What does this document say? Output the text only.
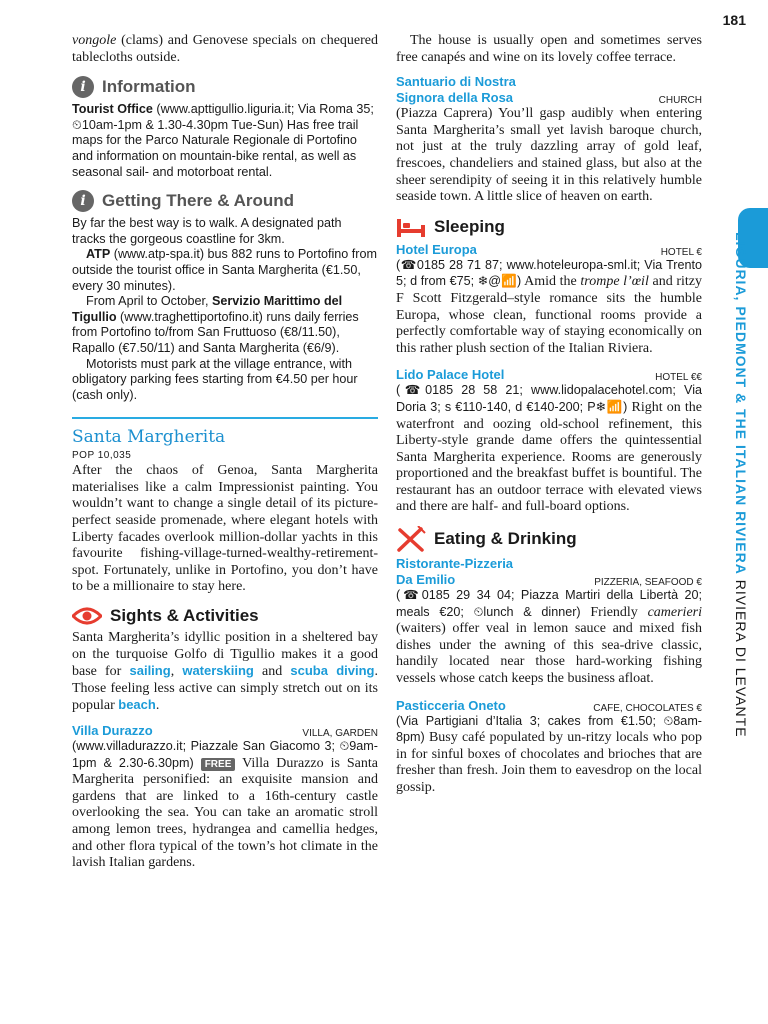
181

vongole (clams) and Genovese specials on chequered tablecloths outside.

i Information

Tourist Office (www.apttigullio.liguria.it; Via Roma 35; ⏲10am-1pm & 1.30-4.30pm Tue-Sun) Has free trail maps for the Parco Naturale Regionale di Portofino and information on mountain-bike rental, as well as seasonal sail- and motorboat rental.

i Getting There & Around

By far the best way is to walk. A designated path tracks the gorgeous coastline for 3km.

ATP (www.atp-spa.it) bus 882 runs to Portofino from outside the tourist office in Santa Margherita (€1.50, every 30 minutes).

From April to October, Servizio Marittimo del Tigullio (www.traghettiportofino.it) runs daily ferries from Portofino to/from San Fruttuoso (€8/11.50), Rapallo (€7.50/11) and Santa Margherita (€6/9).

Motorists must park at the village entrance, with obligatory parking fees starting from €4.50 per hour (cash only).

Santa Margherita
POP 10,035

After the chaos of Genoa, Santa Margherita materialises like a calm Impressionist painting. You wouldn’t want to change a single detail of its picture-perfect seaside promenade, where elegant hotels with Liberty facades overlook million-dollar yachts in this favourite fishing-village-turned-wealthy-retirement-spot. Fortunately, unlike in Portofino, you don’t have to be a millionaire to stay here.

Sights & Activities

Santa Margherita’s idyllic position in a sheltered bay on the turquoise Golfo di Tigullio makes it a good base for sailing, waterskiing and scuba diving. Those feeling less active can simply stretch out on its popular beach.

Villa Durazzo	VILLA, GARDEN

(www.villadurazzo.it; Piazzale San Giacomo 3; ⏲9am-1pm & 2.30-6.30pm) FREE Villa Durazzo is Santa Margherita personified: an exquisite mansion and gardens that are linked to a 16th-century castle overlooking the sea. You can take an aromatic stroll among lemon trees, hydrangea and camellia hedges, and other flora typical of the town’s hot climate in the lavish Italian gardens.

The house is usually open and sometimes serves free canapés and wine on its lovely coffee terrace.

Santuario di Nostra
Signora della Rosa	CHURCH

(Piazza Caprera) You’ll gasp audibly when entering Santa Margherita’s small yet lavish baroque church, not just at the truly dazzling array of gold leaf, frescoes, chandeliers and stained glass, but also at the sheer serendipity of seeing it in this relatively humble seaside town. A little slice of heaven on earth.

Sleeping
Hotel Europa	HOTEL €

(☎0185 28 71 87; www.hoteleuropa-sml.it; Via Trento 5; d from €75; ❄@📶) Amid the trompe l’œil and ritzy F Scott Fitzgerald–style romance sits the humble Europa, whose clean, functional rooms provide a perfectly comfortable way of staying economically on this rather plush section of the Italian Riviera.

Lido Palace Hotel	HOTEL €€

(☎0185 28 58 21; www.lidopalacehotel.com; Via Doria 3; s €110-140, d €140-200; P❄📶) Right on the waterfront and oozing old-school refinement, this Liberty-style grande dame offers the quintessential Santa Margherita experience. Rooms are generously proportioned and the breakfast buffet is bountiful. The restaurant has an outdoor terrace with elevated views and there are half- and full-board options.

Eating & Drinking
Ristorante-Pizzeria
Da Emilio	PIZZERIA, SEAFOOD €

(☎0185 29 34 04; Piazza Martiri della Libertà 20; meals €20; ⏲lunch & dinner) Friendly camerieri (waiters) offer veal in lemon sauce and mixed fish dishes under the awning of this sea-drive classic, handily located near those hard-working fishing vessels whose catch keeps the business afloat.

Pasticceria Oneto	CAFE, CHOCOLATES €

(Via Partigiani d’Italia 3; cakes from €1.50; ⏲8am-8pm) Busy café populated by un-ritzy locals who pop in for sinful boxes of chocolates and brioches that are fresher than fresh. Join them to eavesdrop on the local gossip.

LIGURIA, PIEDMONT & THE ITALIAN RIVIERA RIVIERA DI LEVANTE
